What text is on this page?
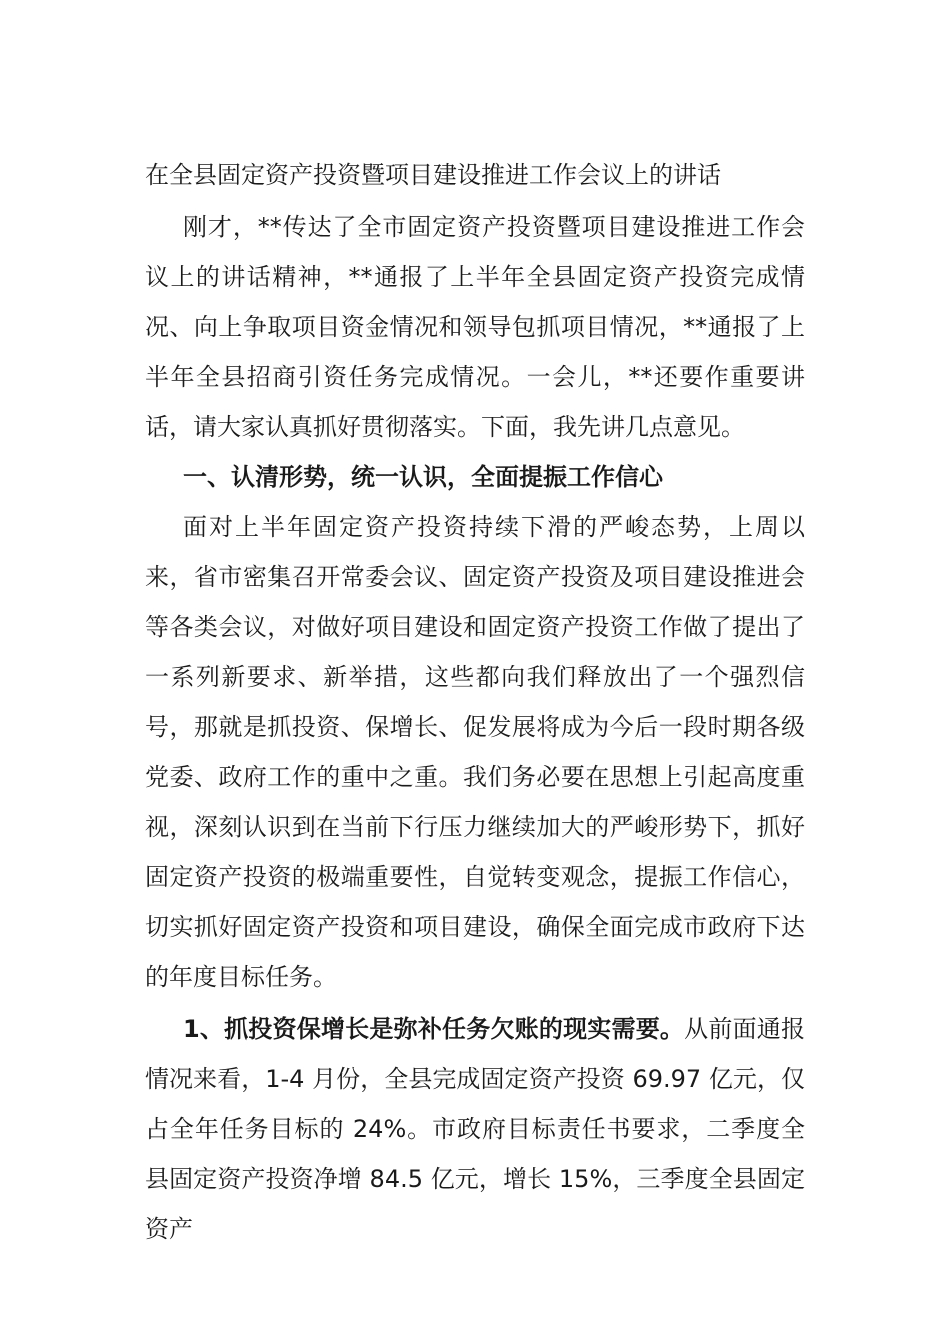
在全县固定资产投资暨项目建设推进工作会议上的讲话

刚才，**传达了全市固定资产投资暨项目建设推进工作会议上的讲话精神，**通报了上半年全县固定资产投资完成情况、向上争取项目资金情况和领导包抓项目情况，**通报了上半年全县招商引资任务完成情况。一会儿，**还要作重要讲话，请大家认真抓好贯彻落实。下面，我先讲几点意见。

一、认清形势，统一认识，全面提振工作信心

面对上半年固定资产投资持续下滑的严峻态势，上周以来，省市密集召开常委会议、固定资产投资及项目建设推进会等各类会议，对做好项目建设和固定资产投资工作做了提出了一系列新要求、新举措，这些都向我们释放出了一个强烈信号，那就是抓投资、保增长、促发展将成为今后一段时期各级党委、政府工作的重中之重。我们务必要在思想上引起高度重视，深刻认识到在当前下行压力继续加大的严峻形势下，抓好固定资产投资的极端重要性，自觉转变观念，提振工作信心，切实抓好固定资产投资和项目建设，确保全面完成市政府下达的年度目标任务。

1、抓投资保增长是弥补任务欠账的现实需要。从前面通报情况来看，1-4 月份，全县完成固定资产投资 69.97 亿元，仅占全年任务目标的 24%。市政府目标责任书要求，二季度全县固定资产投资净增 84.5 亿元，增长 15%，三季度全县固定资产
